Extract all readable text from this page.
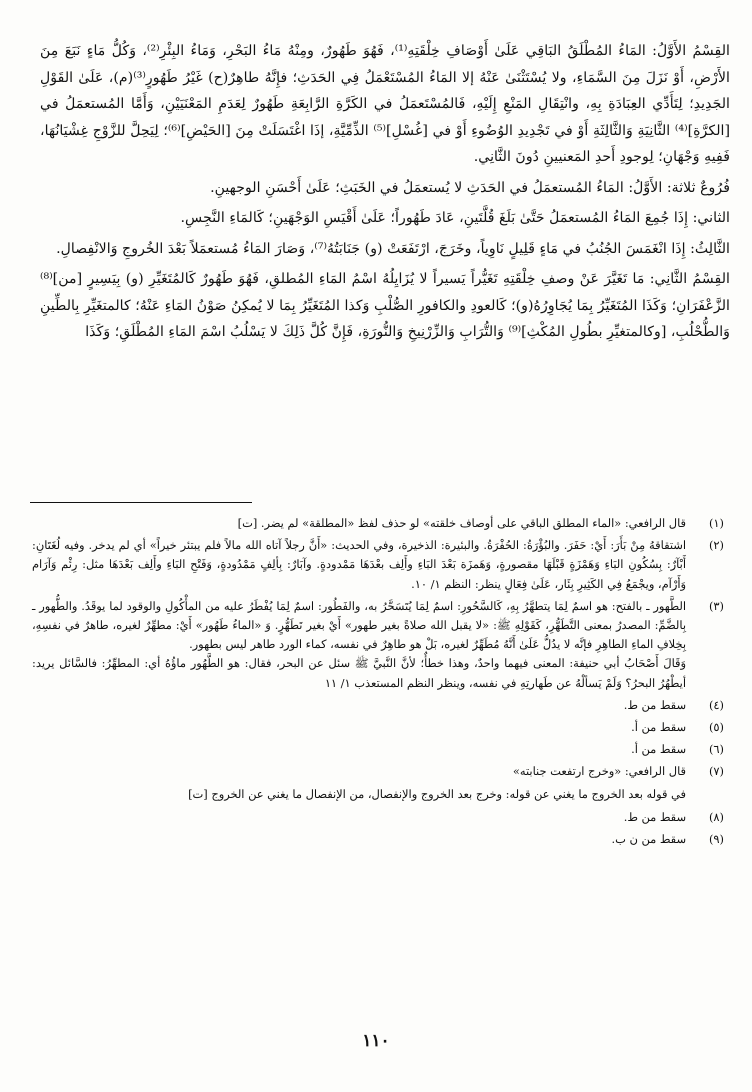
القِسْمُ الأَوَّلُ: المَاءُ المُطْلَقُ البَاقِي عَلَىٰ أَوْصَافِ خِلْقَتِهِ⁽¹⁾، فَهُوَ طَهُورٌ، ومِنْهُ مَاءُ البَحْرِ، وَمَاءُ البِئْرِ⁽²⁾، وَكُلُّ مَاءٍ نَبَعَ مِنَ الأَرْضِ، أَوْ نَزَلَ مِنَ السَّمَاءِ، ولا يُسْتَثْنَىٰ عَنْهُ إلا المَاءُ المُسْتَعْمَلُ فِي الحَدَثِ؛ فإِنَّهُ طاهِرٌ(ح) غَيْرُ طَهُورٍ⁽³⁾(م)، عَلَىٰ القَوْلِ الجَدِيدِ؛ لِتَأَدِّي العِبَادَةِ بِهِ، وانْتِقَالِ المَنْعِ إِلَيْهِ، فَالمُسْتَعمَلُ في الكَرَّةِ الرَّابِعَةِ طَهُورٌ لِعَدَمِ المَعْنَيَيْنِ، وَأَمَّا المُستعمَلُ في [الكرَّةِ]⁽⁴⁾ الثَّانِيَةِ وَالثَّالِثَةِ أَوْ في تَجْدِيدِ الوُضُوءِ أَوْ في [غُسْلِ]⁽⁵⁾ الذِّمِّيَّةِ، إذَا اغْتَسَلَتْ مِنَ [الحَيْضِ]⁽⁶⁾؛ لِيَحِلَّ للزَّوْجِ غِشْيَانُهَا، فَفِيهِ وَجْهَانِ؛ لِوجودِ أَحدِ المَعنيينِ دُونَ الثَّانِي.

فُرُوعٌ ثلاثة: الأَوَّلُ: المَاءُ المُستعمَلُ في الحَدَثِ لا يُستعمَلُ في الخَبَثِ؛ عَلَىٰ أَحْسَنِ الوجهينِ.

الثاني: إِذَا جُمِعَ المَاءُ المُستعمَلُ حَتَّىٰ بَلَغَ قُلَّتَينِ، عَادَ طَهُوراً؛ عَلَىٰ أَقْيَسِ الوَجْهَينِ؛ كَالمَاءِ النَّجِسِ.

الثَّالِثُ: إِذَا انْغَمَسَ الجُنُبُ في مَاءٍ قَلِيلٍ نَاوِياً، وخَرَجَ، ارْتَفَعَتْ (و) جَنَابَتُهُ⁽⁷⁾، وَصَارَ المَاءُ مُستعمَلاً بَعْدَ الخُروجِ وَالانْفِصالِ.

القِسْمُ الثَّانِي: مَا تَغَيَّرَ عَنْ وصفِ خِلْقَتِهِ تَغَيُّراً يَسيراً لا يُزَايِلُهُ اسْمُ المَاءِ المُطلقِ، فَهُوَ طَهُورٌ كَالمُتَغَيِّرِ (و) بِيَسِيرٍ [من]⁽⁸⁾ الزَّعْفَرَانِ؛ وَكَذَا المُتَغَيِّرُ بِمَا يُجَاوِرُهُ(و)؛ كَالعودِ والكافورِ الصُّلْبِ وَكذا المُتَغَيِّرُ بِمَا لا يُمكِنُ صَوْنُ المَاءِ عَنْهُ؛ كالمتغَيِّرِ بِالطِّينِ وَالطُّحْلُبِ، [وكالمتغيِّرِ بطُولِ المُكْثِ]⁽⁹⁾ وَالتُّرَابِ وَالزِّرْنِيخِ وَالنُّورَةِ، فَإِنَّ كُلَّ ذَلِكَ لا يَسْلُبُ اسْمَ المَاءِ المُطْلَقِ؛ وَكَذَا

(١)

قال الرافعي: «الماء المطلق الباقي على أوصاف خلقته» لو حذف لفظ «المطلقة» لم يضر. [ت]

(٢)

اشتقاقهُ مِنْ بَأَرَ: أَيْ: حَفَرَ. والبُؤْرَةُ: الحُفْرَةُ. والبئيرة: الذخيرة، وفي الحديث: «أَنَّ رجلاً آتاه الله مالاً فلم يبتئر خيراً» أي لم يدخر. وفيه لُغَتَانِ: أَبْآرٌ: بِسُكُونِ البَاءِ وَهَمْزَةٍ قَبْلَهَا مقصورةٍ، وَهَمزَة بَعْدَ البَاءِ وأَلِف بعْدَهَا مَمْدودةٍ. وآبَارٌ: بِألِفٍ مَمْدُودةٍ، وَفَتْحِ البَاءِ وأَلِف بَعْدَهَا مثل: رِئْم وَآرَام وَأَرْآم، ويجْمَعُ فِي الكَثِيرِ بِئَار، عَلَىٰ فِعَالٍ ينظر: النظم ١/ ١٠.

(٣)

الطَّهور ـ بالفتح: هو اسمٌ لِمَا يتطهَّرُ بِهِ، كَالسَّحُورِ: اسمٌ لِمَا يُتَسَحَّرُ به، والفَطُور: اسمٌ لِمَا يُفْطَرُ عليه من المأْكُولِ والوقود لما يوقَدُ. والطُّهور ـ بِالضَّمِّ: المصدرُ بمعنى التَّطَهُّرِ، كَقَوْلِهِ ﷺ: «لا يقبل الله صلاةً بغير طهور» أَيْ بغير تَطَهُّرٍ. وَ «الماءُ طَهُور» أَيْ: مطهِّرٌ لغيره، طاهرٌ في نفسِهِ، بِخِلافِ الماءِ الطاهِرِ فإنَّه لا يدُلُّ عَلَىٰ أَنَّهُ مُطَهِّرٌ لغيره، بَلْ هو طاهِرٌ في نفسه، كماء الورد طاهر ليس بطهور.

وَقَالَ أَصْحَابُ أبي حنيفة: المعنى فيهما واحدٌ، وهذا خطأٌ؛ لأنَّ النَّبيَّ ﷺ سئل عن البحر، فقال: هو الطَّهُور ماؤُهُ أي: المطهِّرُ: فالسَّائل يريد: أيطْهُرُ البحرُ؟ وَلَمْ يَسألْهُ عن طَهارتِهِ في نفسه، وينظر النظم المستعذب ١/ ١١

(٤)

سقط من ط.

(٥)

سقط من أ.

(٦)

سقط من أ.

(٧)

قال الرافعي: «وخرج ارتفعت جنابته»

في قوله بعد الخروج ما يغني عن قوله: وخرج بعد الخروج والإنفصال، من الإنفصال ما يغني عن الخروج [ت]
(٨)

سقط من ط.

(٩)

سقط من ن ب.

١١٠
